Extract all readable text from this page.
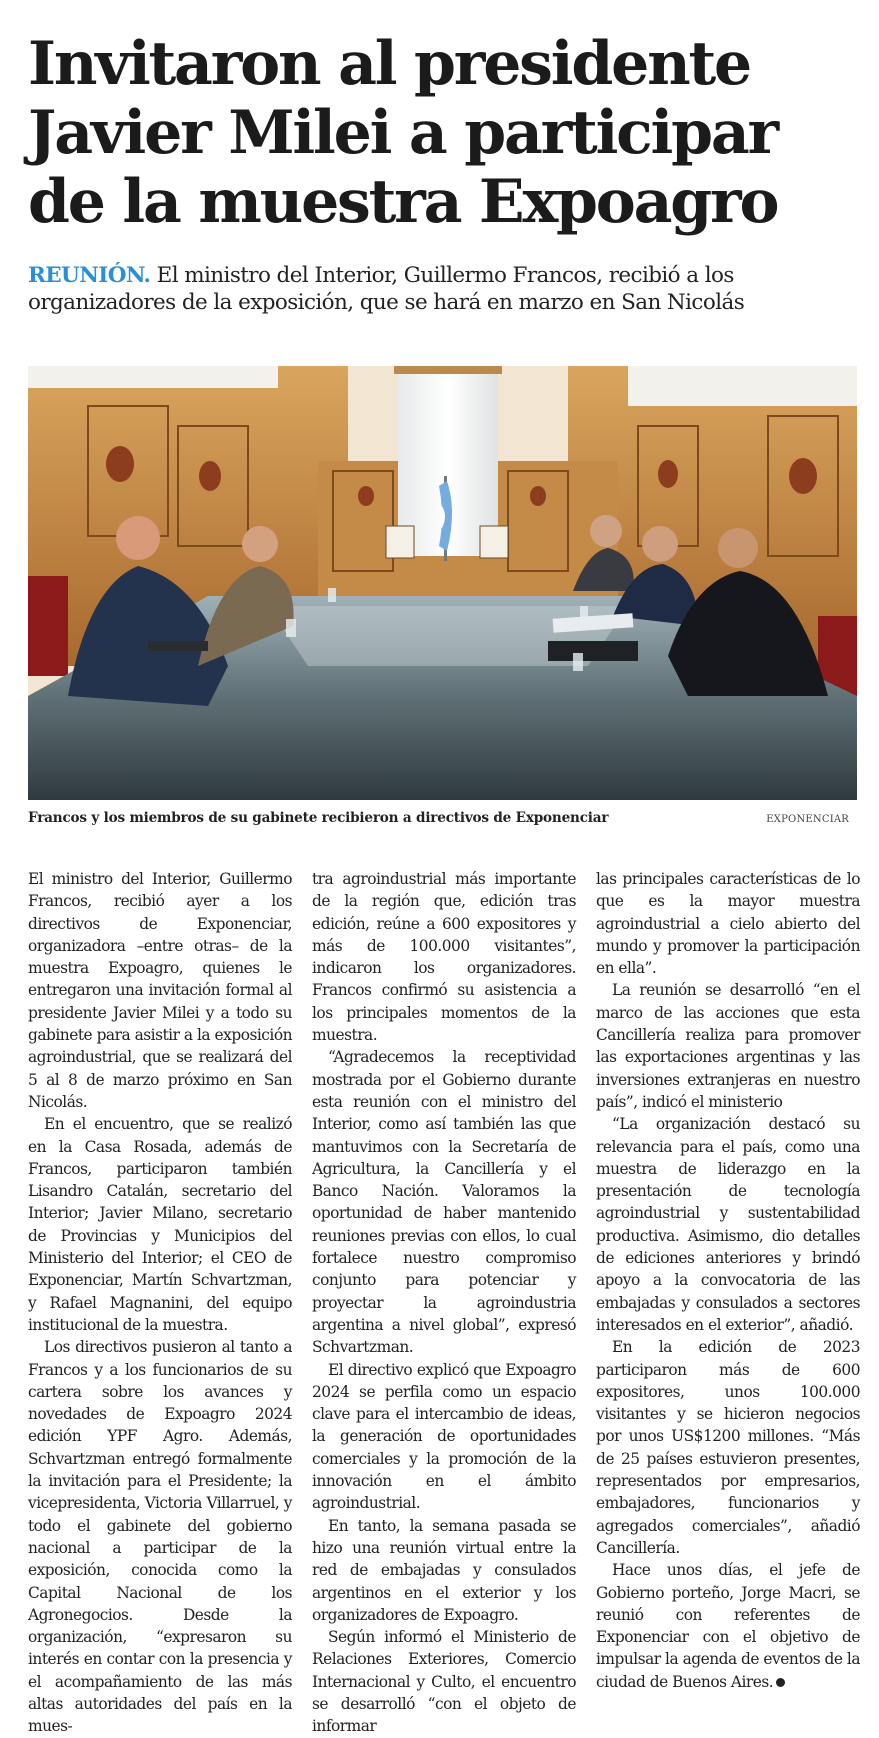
Invitaron al presidente Javier Milei a participar de la muestra Expoagro

REUNIÓN. El ministro del Interior, Guillermo Francos, recibió a los organizadores de la exposición, que se hará en marzo en San Nicolás

Francos y los miembros de su gabinete recibieron a directivos de Exponenciar	EXPONENCIAR

El ministro del Interior, Guillermo Francos, recibió ayer a los directivos de Exponenciar, organizadora –entre otras– de la muestra Expoagro, quienes le entregaron una invitación formal al presidente Javier Milei y a todo su gabinete para asistir a la exposición agroindustrial, que se realizará del 5 al 8 de marzo próximo en San Nicolás.

En el encuentro, que se realizó en la Casa Rosada, además de Francos, participaron también Lisandro Catalán, secretario del Interior; Javier Milano, secretario de Provincias y Municipios del Ministerio del Interior; el CEO de Exponenciar, Martín Schvartzman, y Rafael Magnanini, del equipo institucional de la muestra.

Los directivos pusieron al tanto a Francos y a los funcionarios de su cartera sobre los avances y novedades de Expoagro 2024 edición YPF Agro. Además, Schvartzman entregó formalmente la invitación para el Presidente; la vicepresidenta, Victoria Villarruel, y todo el gabinete del gobierno nacional a participar de la exposición, conocida como la Capital Nacional de los Agronegocios. Desde la organización, “expresaron su interés en contar con la presencia y el acompañamiento de las más altas autoridades del país en la mues-

tra agroindustrial más importante de la región que, edición tras edición, reúne a 600 expositores y más de 100.000 visitantes”, indicaron los organizadores. Francos confirmó su asistencia a los principales momentos de la muestra.

“Agradecemos la receptividad mostrada por el Gobierno durante esta reunión con el ministro del Interior, como así también las que mantuvimos con la Secretaría de Agricultura, la Cancillería y el Banco Nación. Valoramos la oportunidad de haber mantenido reuniones previas con ellos, lo cual fortalece nuestro compromiso conjunto para potenciar y proyectar la agroindustria argentina a nivel global”, expresó Schvartzman.

El directivo explicó que Expoagro 2024 se perfila como un espacio clave para el intercambio de ideas, la generación de oportunidades comerciales y la promoción de la innovación en el ámbito agroindustrial.

En tanto, la semana pasada se hizo una reunión virtual entre la red de embajadas y consulados argentinos en el exterior y los organizadores de Expoagro.

Según informó el Ministerio de Relaciones Exteriores, Comercio Internacional y Culto, el encuentro se desarrolló “con el objeto de informar

las principales características de lo que es la mayor muestra agroindustrial a cielo abierto del mundo y promover la participación en ella”.

La reunión se desarrolló “en el marco de las acciones que esta Cancillería realiza para promover las exportaciones argentinas y las inversiones extranjeras en nuestro país”, indicó el ministerio

“La organización destacó su relevancia para el país, como una muestra de liderazgo en la presentación de tecnología agroindustrial y sustentabilidad productiva. Asimismo, dio detalles de ediciones anteriores y brindó apoyo a la convocatoria de las embajadas y consulados a sectores interesados en el exterior”, añadió.

En la edición de 2023 participaron más de 600 expositores, unos 100.000 visitantes y se hicieron negocios por unos US$1200 millones. “Más de 25 países estuvieron presentes, representados por empresarios, embajadores, funcionarios y agregados comerciales”, añadió Cancillería.

Hace unos días, el jefe de Gobierno porteño, Jorge Macri, se reunió con referentes de Exponenciar con el objetivo de impulsar la agenda de eventos de la ciudad de Buenos Aires.
